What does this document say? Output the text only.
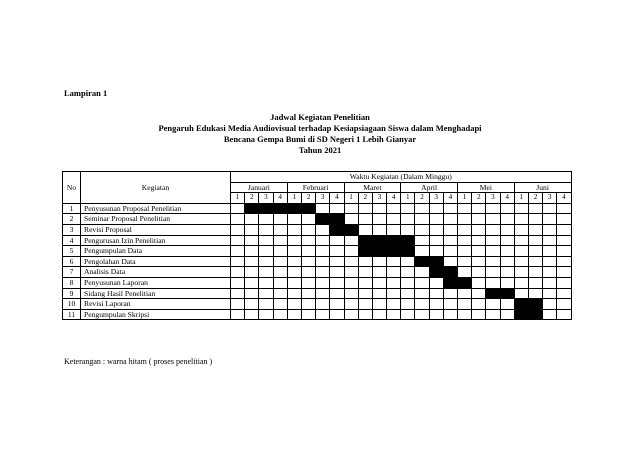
Lampiran 1
Jadwal Kegiatan Penelitian
Pengaruh Edukasi Media Audiovisual terhadap Kesiapsiagaan Siswa dalam Menghadapi
Bencana Gempa Bumi di SD Negeri 1 Lebih Gianyar
Tahun 2021
No	Kegiatan	Waktu Kegiatan (Dalam Minggu)																							
		Januari				Februari				Maret				April				Mei				Juni			
		1	2	3	4	1	2	3	4	1	2	3	4	1	2	3	4	1	2	3	4	1	2	3	4
1	Penyusunan Proposal Penelitian																								
2	Seminar Proposal Penelitian																								
3	Revisi Proposal																								
4	Pengurusan Izin Penelitian																								
5	Pengumpulan Data																								
6	Pengolahan Data																								
7	Analisis Data																								
8	Penyusunan Laporan																								
9	Sidang Hasil Penelitian																								
10	Revisi Laporan																								
11	Pengumpulan Skripsi																								
Keterangan : warna hitam ( proses penelitian )
